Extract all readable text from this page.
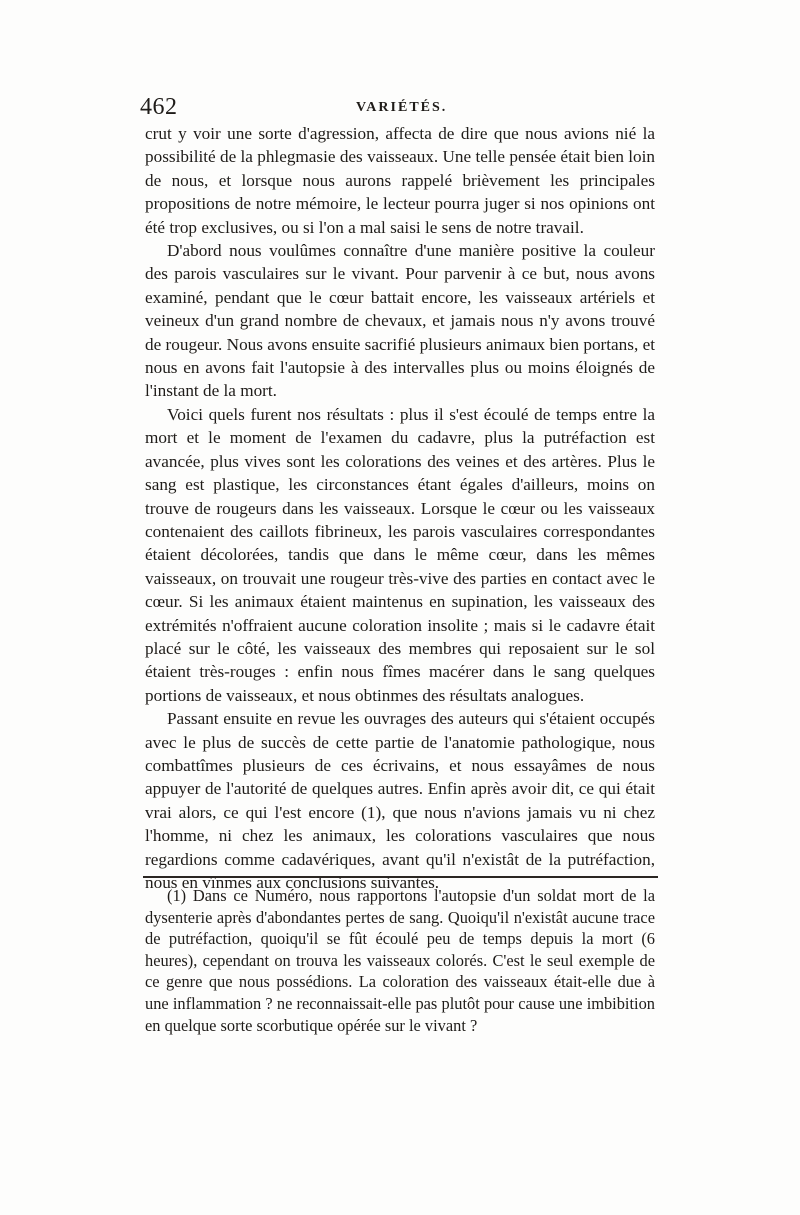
462	VARIÉTÉS.

crut y voir une sorte d'agression, affecta de dire que nous avions nié la possibilité de la phlegmasie des vaisseaux. Une telle pensée était bien loin de nous, et lorsque nous aurons rappelé brièvement les principales propositions de notre mémoire, le lecteur pourra juger si nos opinions ont été trop exclusives, ou si l'on a mal saisi le sens de notre travail.

D'abord nous voulûmes connaître d'une manière positive la couleur des parois vasculaires sur le vivant. Pour parvenir à ce but, nous avons examiné, pendant que le cœur battait encore, les vaisseaux artériels et veineux d'un grand nombre de chevaux, et jamais nous n'y avons trouvé de rougeur. Nous avons ensuite sacrifié plusieurs animaux bien portans, et nous en avons fait l'autopsie à des intervalles plus ou moins éloignés de l'instant de la mort.

Voici quels furent nos résultats : plus il s'est écoulé de temps entre la mort et le moment de l'examen du cadavre, plus la putréfaction est avancée, plus vives sont les colorations des veines et des artères. Plus le sang est plastique, les circonstances étant égales d'ailleurs, moins on trouve de rougeurs dans les vaisseaux. Lorsque le cœur ou les vaisseaux contenaient des caillots fibrineux, les parois vasculaires correspondantes étaient décolorées, tandis que dans le même cœur, dans les mêmes vaisseaux, on trouvait une rougeur très-vive des parties en contact avec le cœur. Si les animaux étaient maintenus en supination, les vaisseaux des extrémités n'offraient aucune coloration insolite ; mais si le cadavre était placé sur le côté, les vaisseaux des membres qui reposaient sur le sol étaient très-rouges : enfin nous fîmes macérer dans le sang quelques portions de vaisseaux, et nous obtinmes des résultats analogues.

Passant ensuite en revue les ouvrages des auteurs qui s'étaient occupés avec le plus de succès de cette partie de l'anatomie pathologique, nous combattîmes plusieurs de ces écrivains, et nous essayâmes de nous appuyer de l'autorité de quelques autres. Enfin après avoir dit, ce qui était vrai alors, ce qui l'est encore (1), que nous n'avions jamais vu ni chez l'homme, ni chez les animaux, les colorations vasculaires que nous regardions comme cadavériques, avant qu'il n'existât de la putréfaction, nous en vînmes aux conclusions suivantes.

(1) Dans ce Numéro, nous rapportons l'autopsie d'un soldat mort de la dysenterie après d'abondantes pertes de sang. Quoiqu'il n'existât aucune trace de putréfaction, quoiqu'il se fût écoulé peu de temps depuis la mort (6 heures), cependant on trouva les vaisseaux colorés. C'est le seul exemple de ce genre que nous possédions. La coloration des vaisseaux était-elle due à une inflammation ? ne reconnaissait-elle pas plutôt pour cause une imbibition en quelque sorte scorbutique opérée sur le vivant ?
